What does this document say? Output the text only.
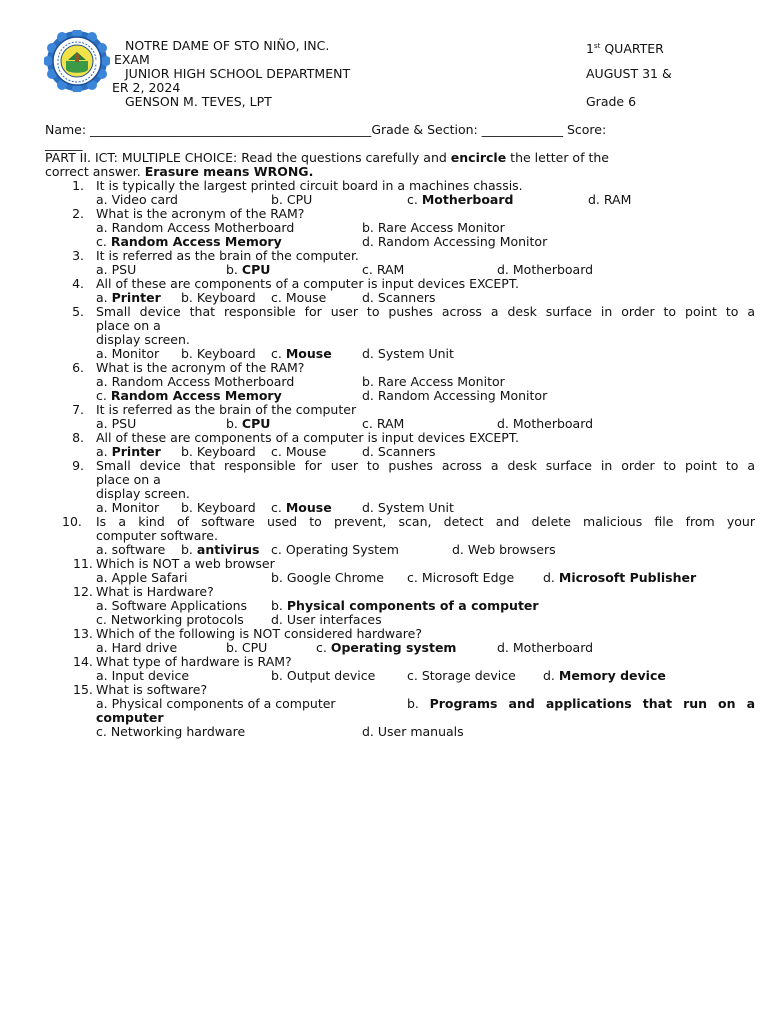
NOTRE DAME OF STO NIÑO, INC.	1st QUARTER
EXAM
JUNIOR HIGH SCHOOL DEPARTMENT	AUGUST 31 &
ER 2, 2024
GENSON M. TEVES, LPT	Grade 6
Name: _____________________________________________Grade & Section: _____________ Score:
______
PART II. ICT: MULTIPLE CHOICE: Read the questions carefully and encircle the letter of the
correct answer. Erasure means WRONG.
1. It is typically the largest printed circuit board in a machines chassis.
a. Video card	b. CPU	c. Motherboard	d. RAM
2. What is the acronym of the RAM?
a. Random Access Motherboard	b. Rare Access Monitor
c. Random Access Memory	d. Random Accessing Monitor
3. It is referred as the brain of the computer.
a. PSU	b. CPU	c. RAM	d. Motherboard
4. All of these are components of a computer is input devices EXCEPT.
a. Printer b. Keyboard c. Mouse	d. Scanners
5. Small device that responsible for user to pushes across a desk surface in order to point to a
place on a
display screen.
a. Monitor b. Keyboard c. Mouse d. System Unit
6. What is the acronym of the RAM?
a. Random Access Motherboard	b. Rare Access Monitor
c. Random Access Memory	d. Random Accessing Monitor
7. It is referred as the brain of the computer
a. PSU	b. CPU	c. RAM	d. Motherboard
8. All of these are components of a computer is input devices EXCEPT.
a. Printer b. Keyboard c. Mouse	d. Scanners
9. Small device that responsible for user to pushes across a desk surface in order to point to a
place on a
display screen.
a. Monitor b. Keyboard c. Mouse d. System Unit
10.	Is a kind of software used to prevent, scan, detect and delete malicious file from your
computer software.
a. software b. antivirus c. Operating System	d. Web browsers
11. Which is NOT a web browser
a. Apple Safari	b. Google Chrome c. Microsoft Edge d. Microsoft Publisher
12. What is Hardware?
a. Software Applications b. Physical components of a computer
c. Networking protocols d. User interfaces
13. Which of the following is NOT considered hardware?
a. Hard drive	b. CPU	c. Operating system	d. Motherboard
14. What type of hardware is RAM?
a. Input device	b. Output device	c. Storage device d. Memory device
15. What is software?
a. Physical components of a computer	b. Programs and applications that run on a
computer
c. Networking hardware	d. User manuals
